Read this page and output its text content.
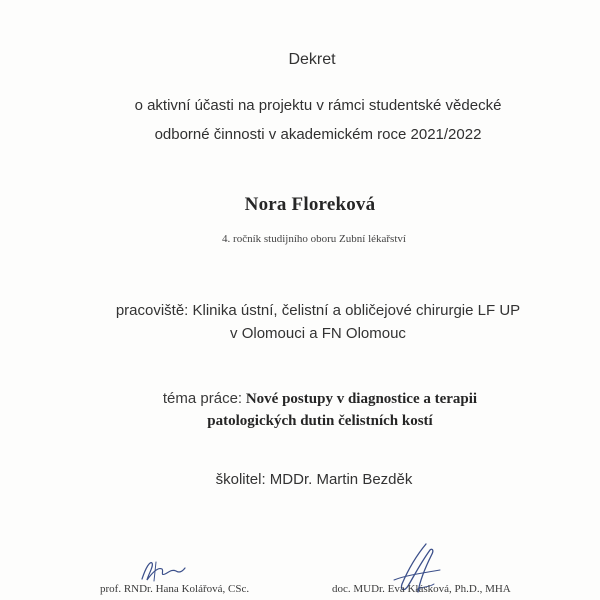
Dekret
o aktivní účasti na projektu v rámci studentské vědecké
odborné činnosti v akademickém roce 2021/2022
Nora Floreková
4. ročník studijního oboru Zubní lékařství
pracoviště: Klinika ústní, čelistní a obličejové chirurgie LF UP
v Olomouci a FN Olomouc
téma práce: Nové postupy v diagnostice a terapii
patologických dutin čelistních kostí
školitel: MDDr. Martin Bezděk
prof. RNDr. Hana Kolářová, CSc.	doc. MUDr. Eva Klásková, Ph.D., MHA
